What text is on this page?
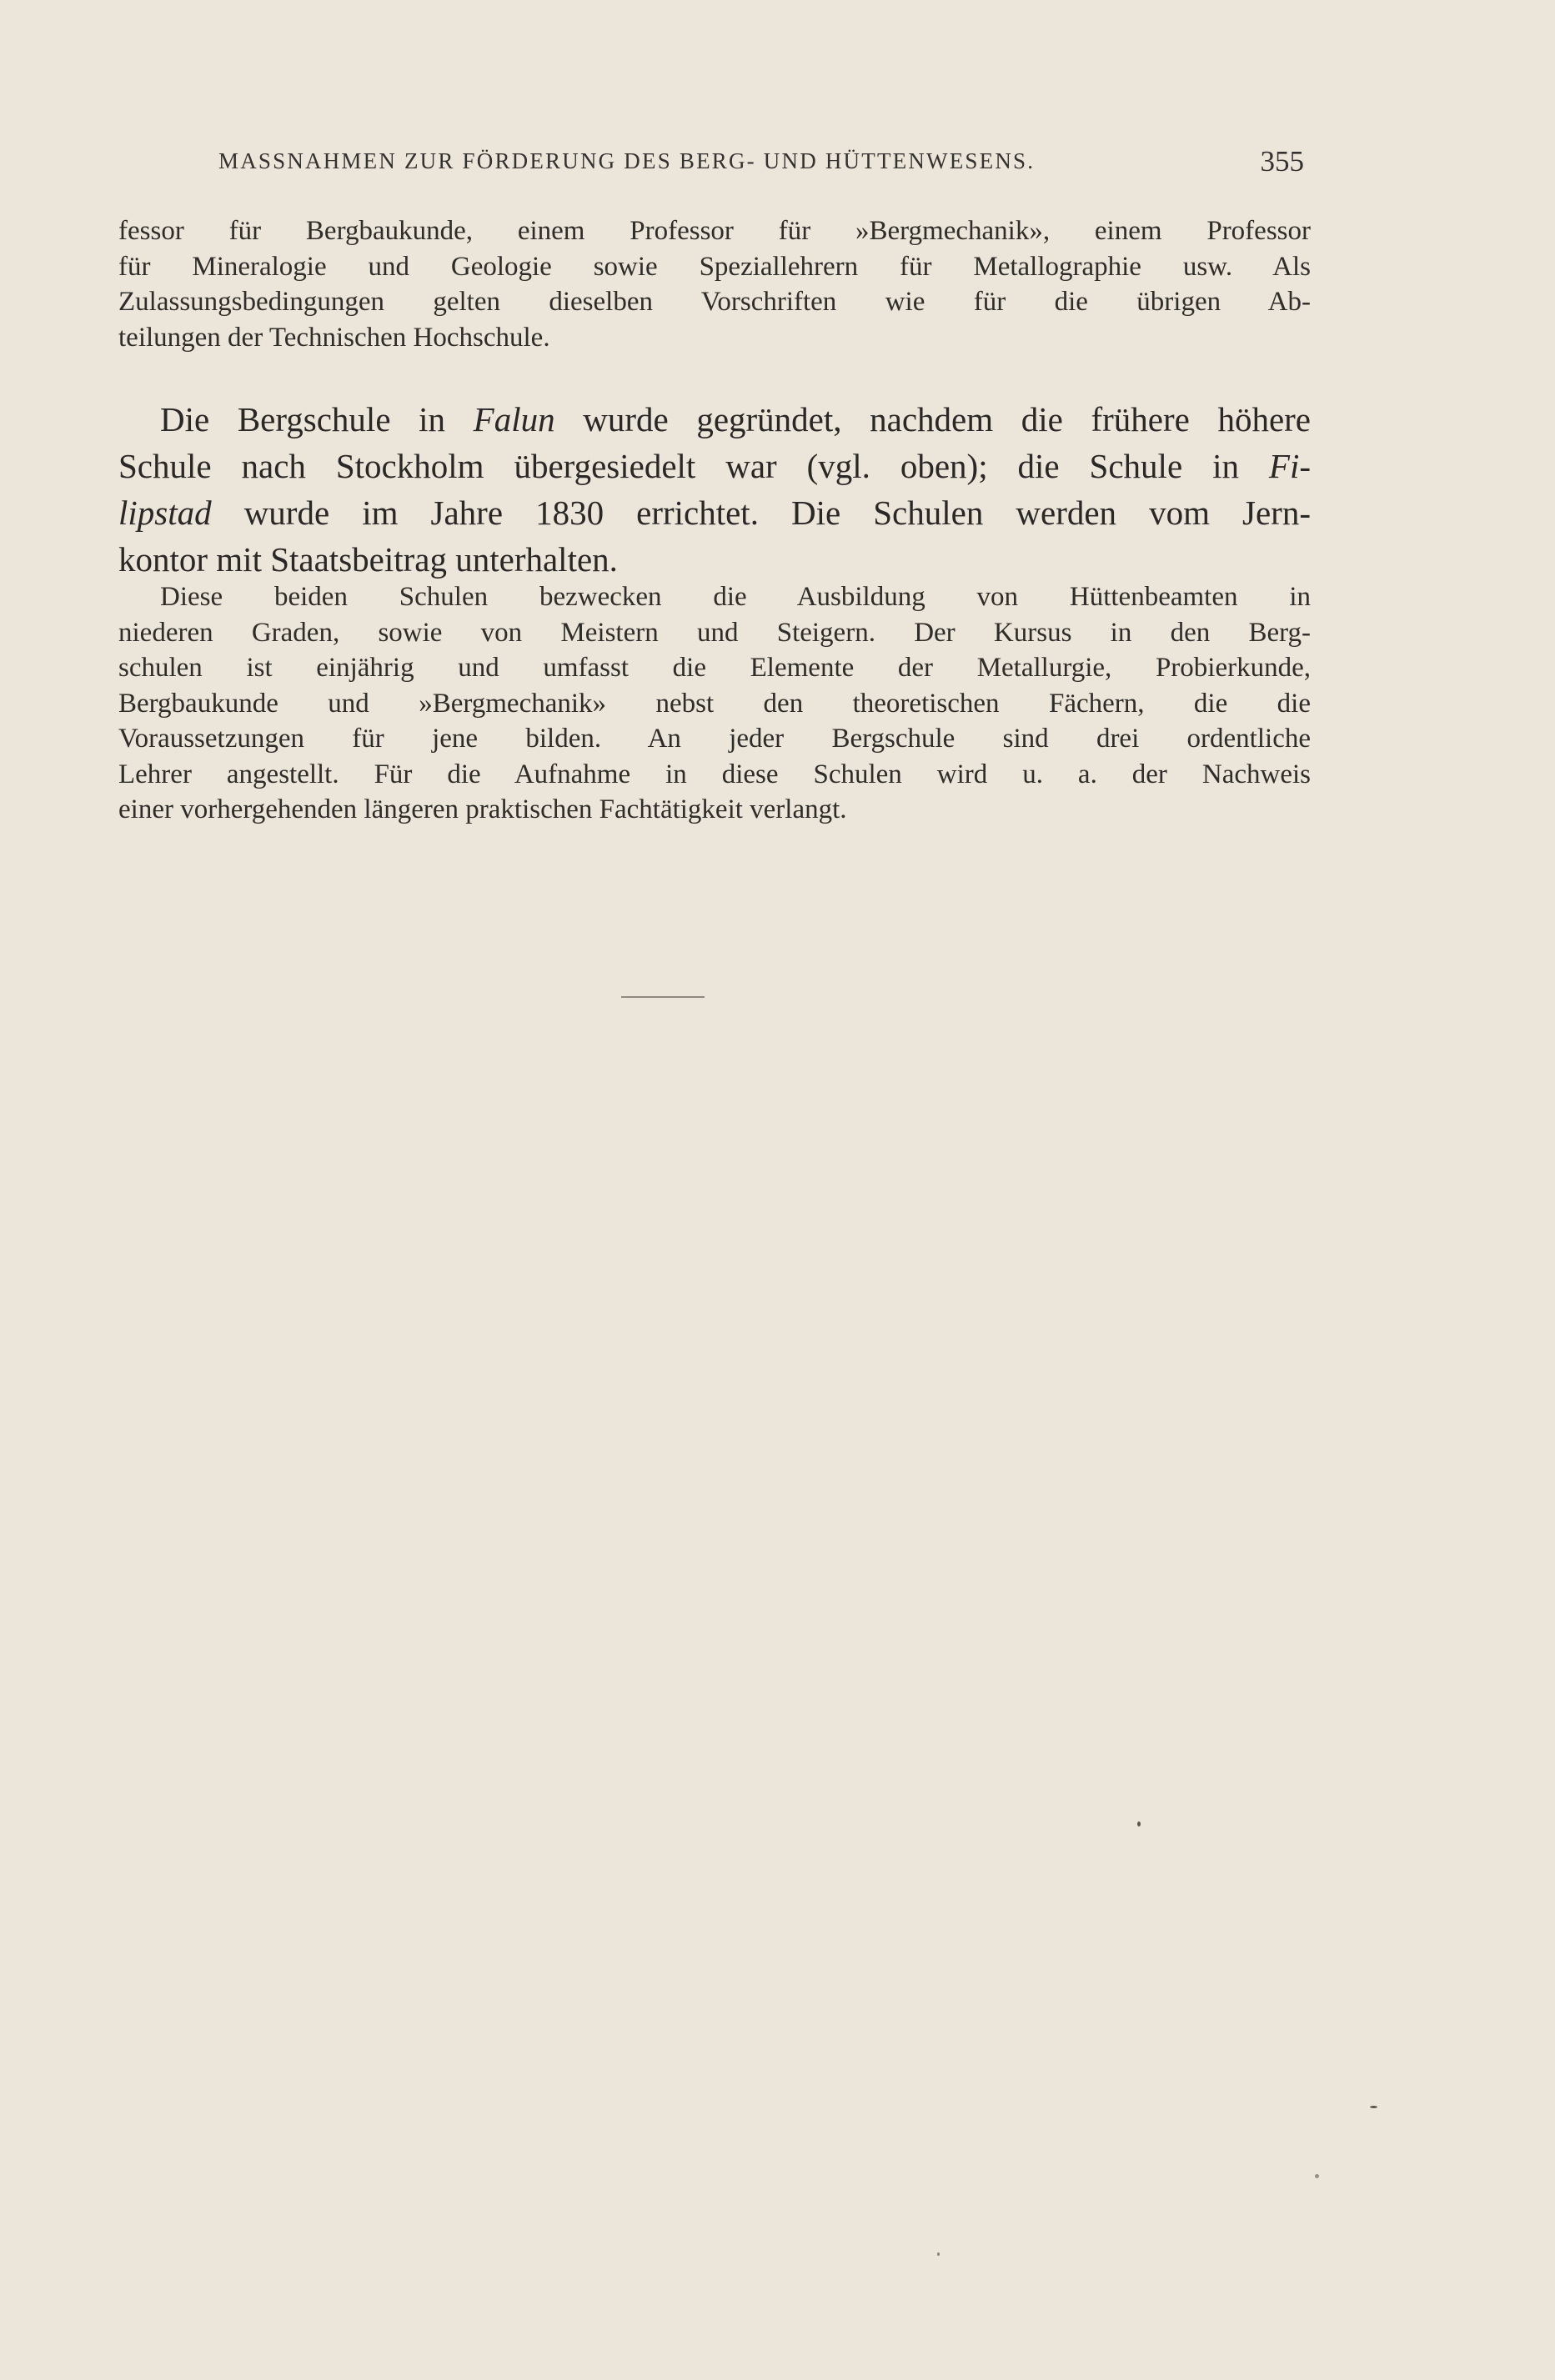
MASSNAHMEN ZUR FÖRDERUNG DES BERG- UND HÜTTENWESENS.	355
fessor für Bergbaukunde, einem Professor für »Bergmechanik», einem Professor
für Mineralogie und Geologie sowie Speziallehrern für Metallographie usw. Als
Zulassungsbedingungen gelten dieselben Vorschriften wie für die übrigen Ab-
teilungen der Technischen Hochschule.
Die Bergschule in Falun wurde gegründet, nachdem die frühere höhere
Schule nach Stockholm übergesiedelt war (vgl. oben); die Schule in Fi-
lipstad wurde im Jahre 1830 errichtet. Die Schulen werden vom Jern-
kontor mit Staatsbeitrag unterhalten.
Diese beiden Schulen bezwecken die Ausbildung von Hüttenbeamten in
niederen Graden, sowie von Meistern und Steigern. Der Kursus in den Berg-
schulen ist einjährig und umfasst die Elemente der Metallurgie, Probierkunde,
Bergbaukunde und »Bergmechanik» nebst den theoretischen Fächern, die die
Voraussetzungen für jene bilden. An jeder Bergschule sind drei ordentliche
Lehrer angestellt. Für die Aufnahme in diese Schulen wird u. a. der Nachweis
einer vorhergehenden längeren praktischen Fachtätigkeit verlangt.
